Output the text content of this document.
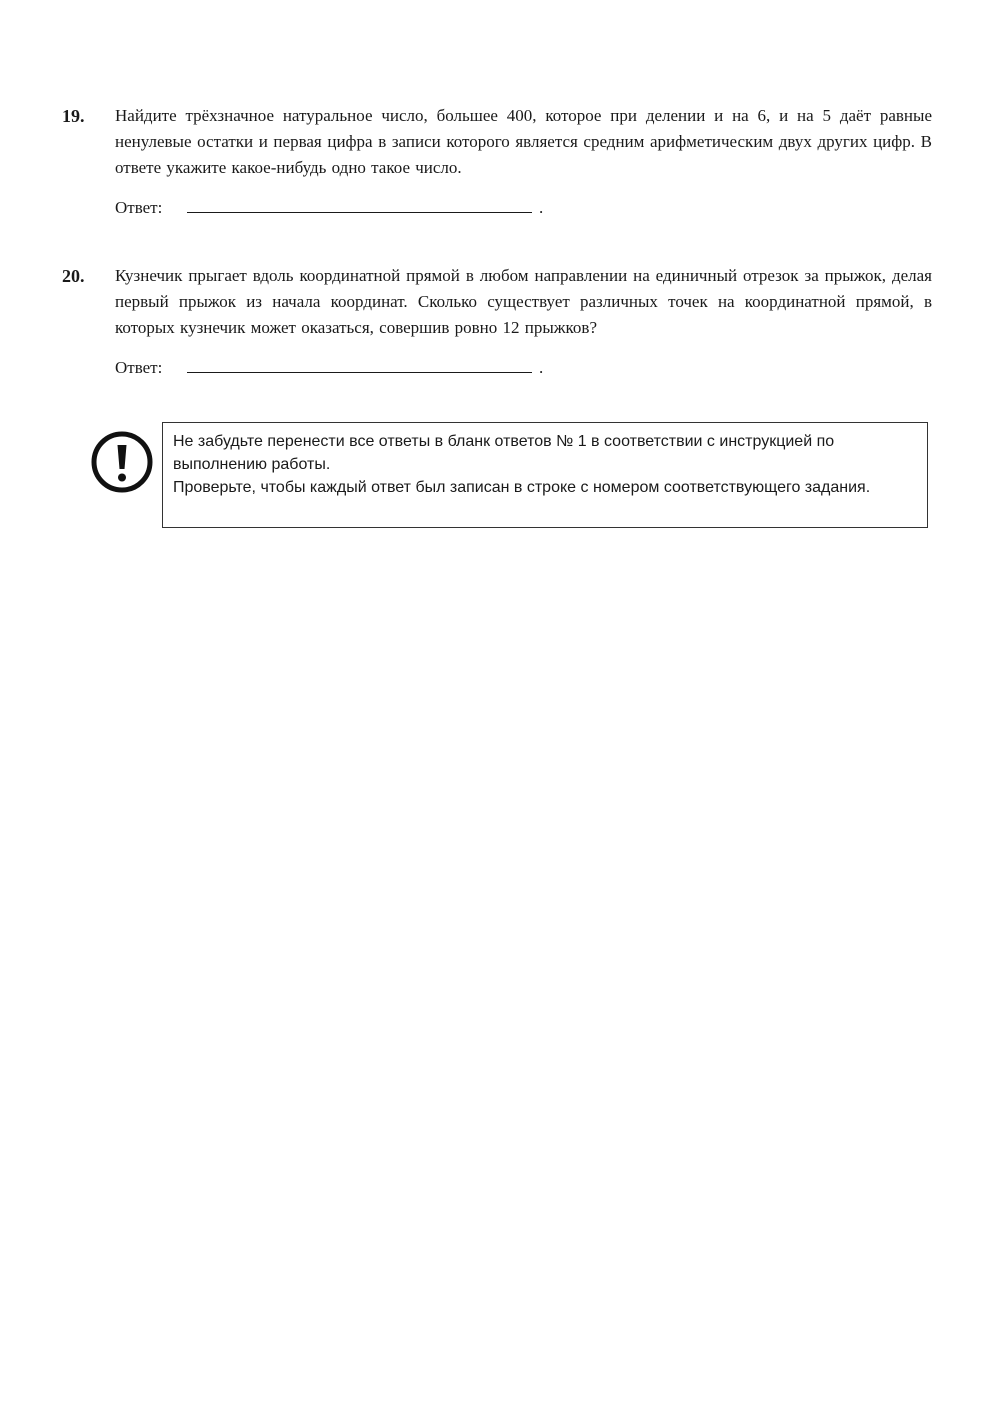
19. Найдите трёхзначное натуральное число, большее 400, которое при делении и на 6, и на 5 даёт равные ненулевые остатки и первая цифра в записи которого является средним арифметическим двух других цифр. В ответе укажите какое-нибудь одно такое число.
Ответ:	.
20. Кузнечик прыгает вдоль координатной прямой в любом направлении на единичный отрезок за прыжок, делая первый прыжок из начала координат. Сколько существует различных точек на координатной прямой, в которых кузнечик может оказаться, совершив ровно 12 прыжков?
Ответ:	.

Не забудьте перенести все ответы в бланк ответов № 1 в соответствии с инструкцией по выполнению работы.

Проверьте, чтобы каждый ответ был записан в строке с номером соответствующего задания.
